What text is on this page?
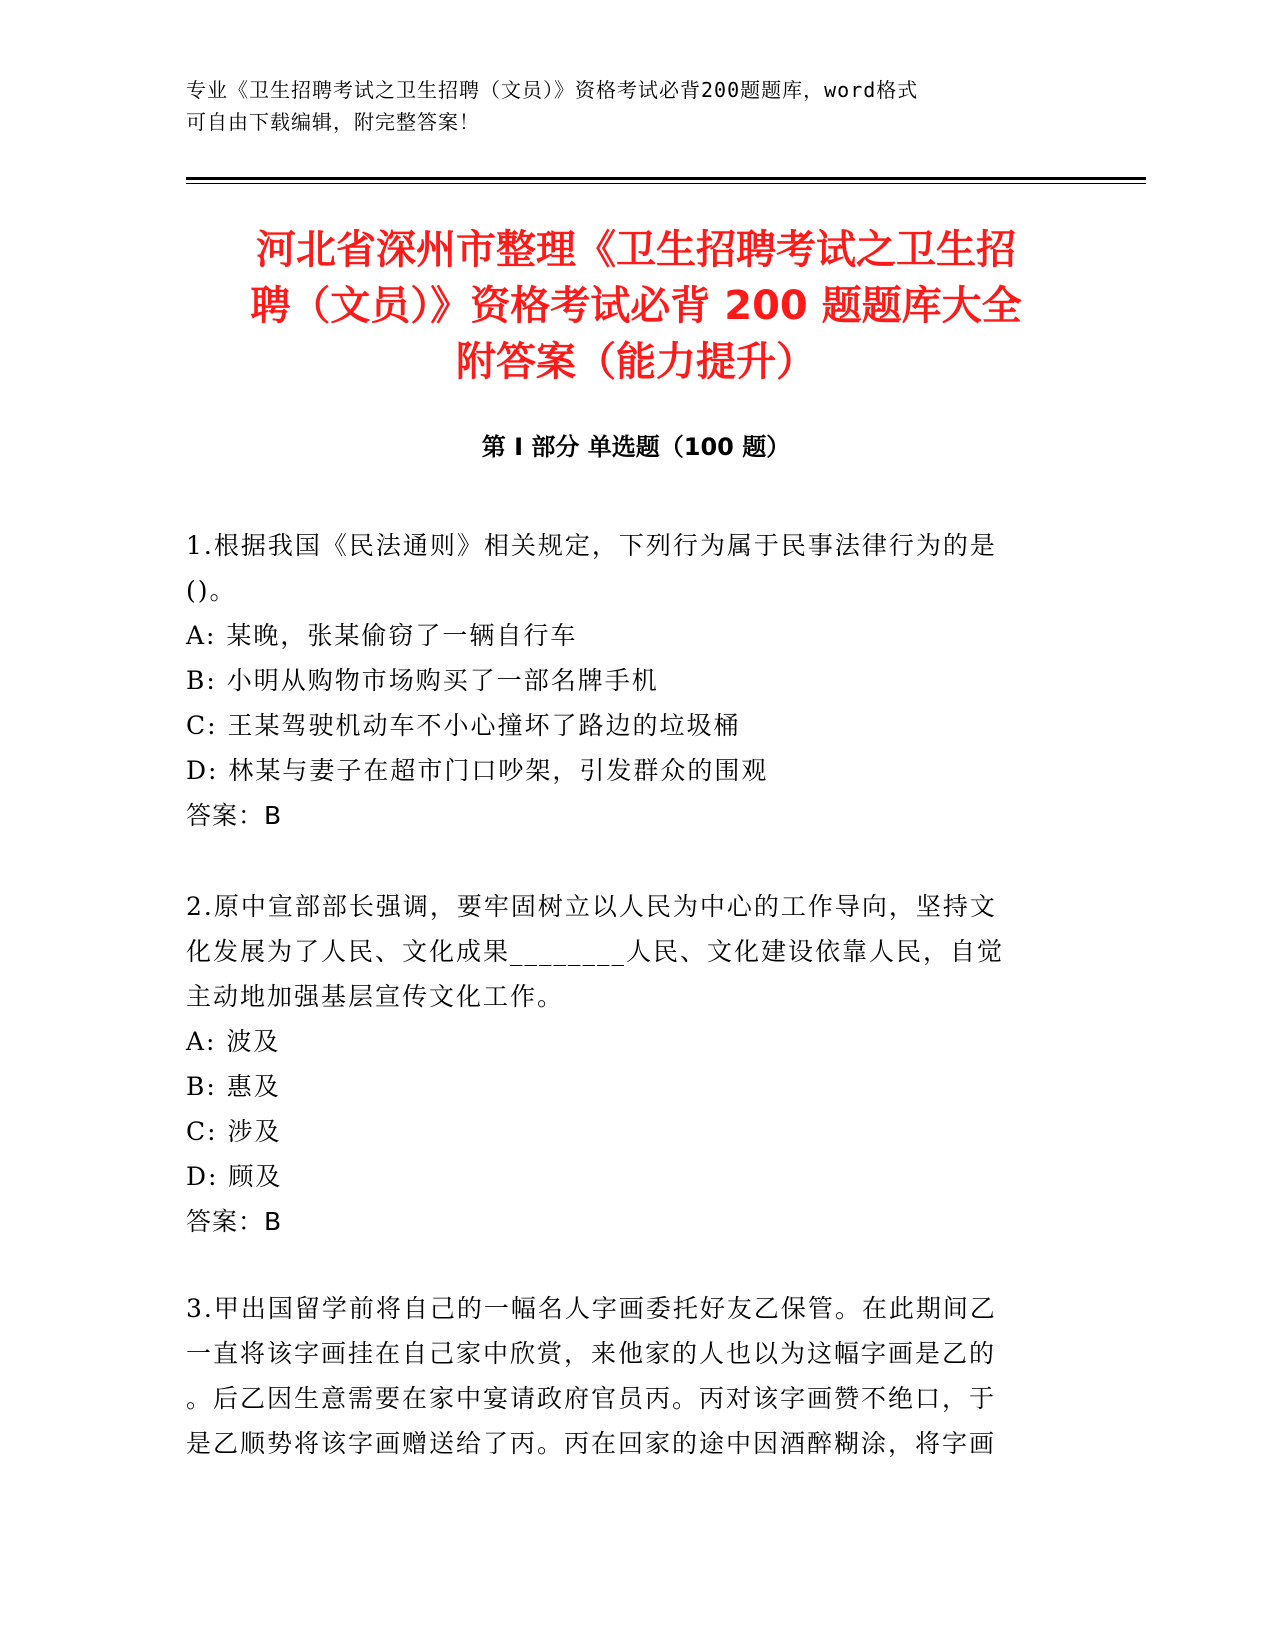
专业《卫生招聘考试之卫生招聘（文员）》资格考试必背200题题库，word格式
可自由下载编辑，附完整答案！
河北省深州市整理《卫生招聘考试之卫生招
聘（文员）》资格考试必背 200 题题库大全
附答案（能力提升）
第 I 部分 单选题（100 题）

1.根据我国《民法通则》相关规定，下列行为属于民事法律行为的是

()。

A: 某晚，张某偷窃了一辆自行车

B: 小明从购物市场购买了一部名牌手机

C: 王某驾驶机动车不小心撞坏了路边的垃圾桶

D: 林某与妻子在超市门口吵架，引发群众的围观

答案：B

2.原中宣部部长强调，要牢固树立以人民为中心的工作导向，坚持文

化发展为了人民、文化成果________人民、文化建设依靠人民，自觉

主动地加强基层宣传文化工作。

A: 波及

B: 惠及

C: 涉及

D: 顾及

答案：B

3.甲出国留学前将自己的一幅名人字画委托好友乙保管。在此期间乙

一直将该字画挂在自己家中欣赏，来他家的人也以为这幅字画是乙的

。后乙因生意需要在家中宴请政府官员丙。丙对该字画赞不绝口，于

是乙顺势将该字画赠送给了丙。丙在回家的途中因酒醉糊涂，将字画
